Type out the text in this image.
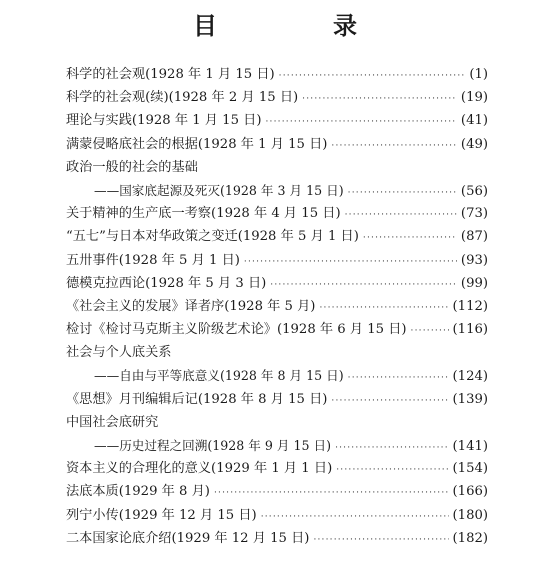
目　录
科学的社会观(1928 年 1 月 15 日) ·····	(1)
科学的社会观(续)(1928 年 2 月 15 日) ·····	(19)
理论与实践(1928 年 1 月 15 日) ·····	(41)
满蒙侵略底社会的根据(1928 年 1 月 15 日) ·····	(49)
政治一般的社会的基础
——国家底起源及死灭(1928 年 3 月 15 日) ·····	(56)
关于精神的生产底一考察(1928 年 4 月 15 日) ·····	(73)
“五七”与日本对华政策之变迁(1928 年 5 月 1 日) ·····	(87)
五卅事件(1928 年 5 月 1 日) ·····	(93)
德模克拉西论(1928 年 5 月 3 日) ·····	(99)
《社会主义的发展》译者序(1928 年 5 月) ·····	(112)
检讨《检讨马克斯主义阶级艺术论》(1928 年 6 月 15 日) ·····	(116)
社会与个人底关系
——自由与平等底意义(1928 年 8 月 15 日) ·····	(124)
《思想》月刊编辑后记(1928 年 8 月 15 日) ·····	(139)
中国社会底研究
——历史过程之回溯(1928 年 9 月 15 日) ·····	(141)
资本主义的合理化的意义(1929 年 1 月 1 日) ·····	(154)
法底本质(1929 年 8 月) ·····	(166)
列宁小传(1929 年 12 月 15 日) ·····	(180)
二本国家论底介绍(1929 年 12 月 15 日) ·····	(182)
